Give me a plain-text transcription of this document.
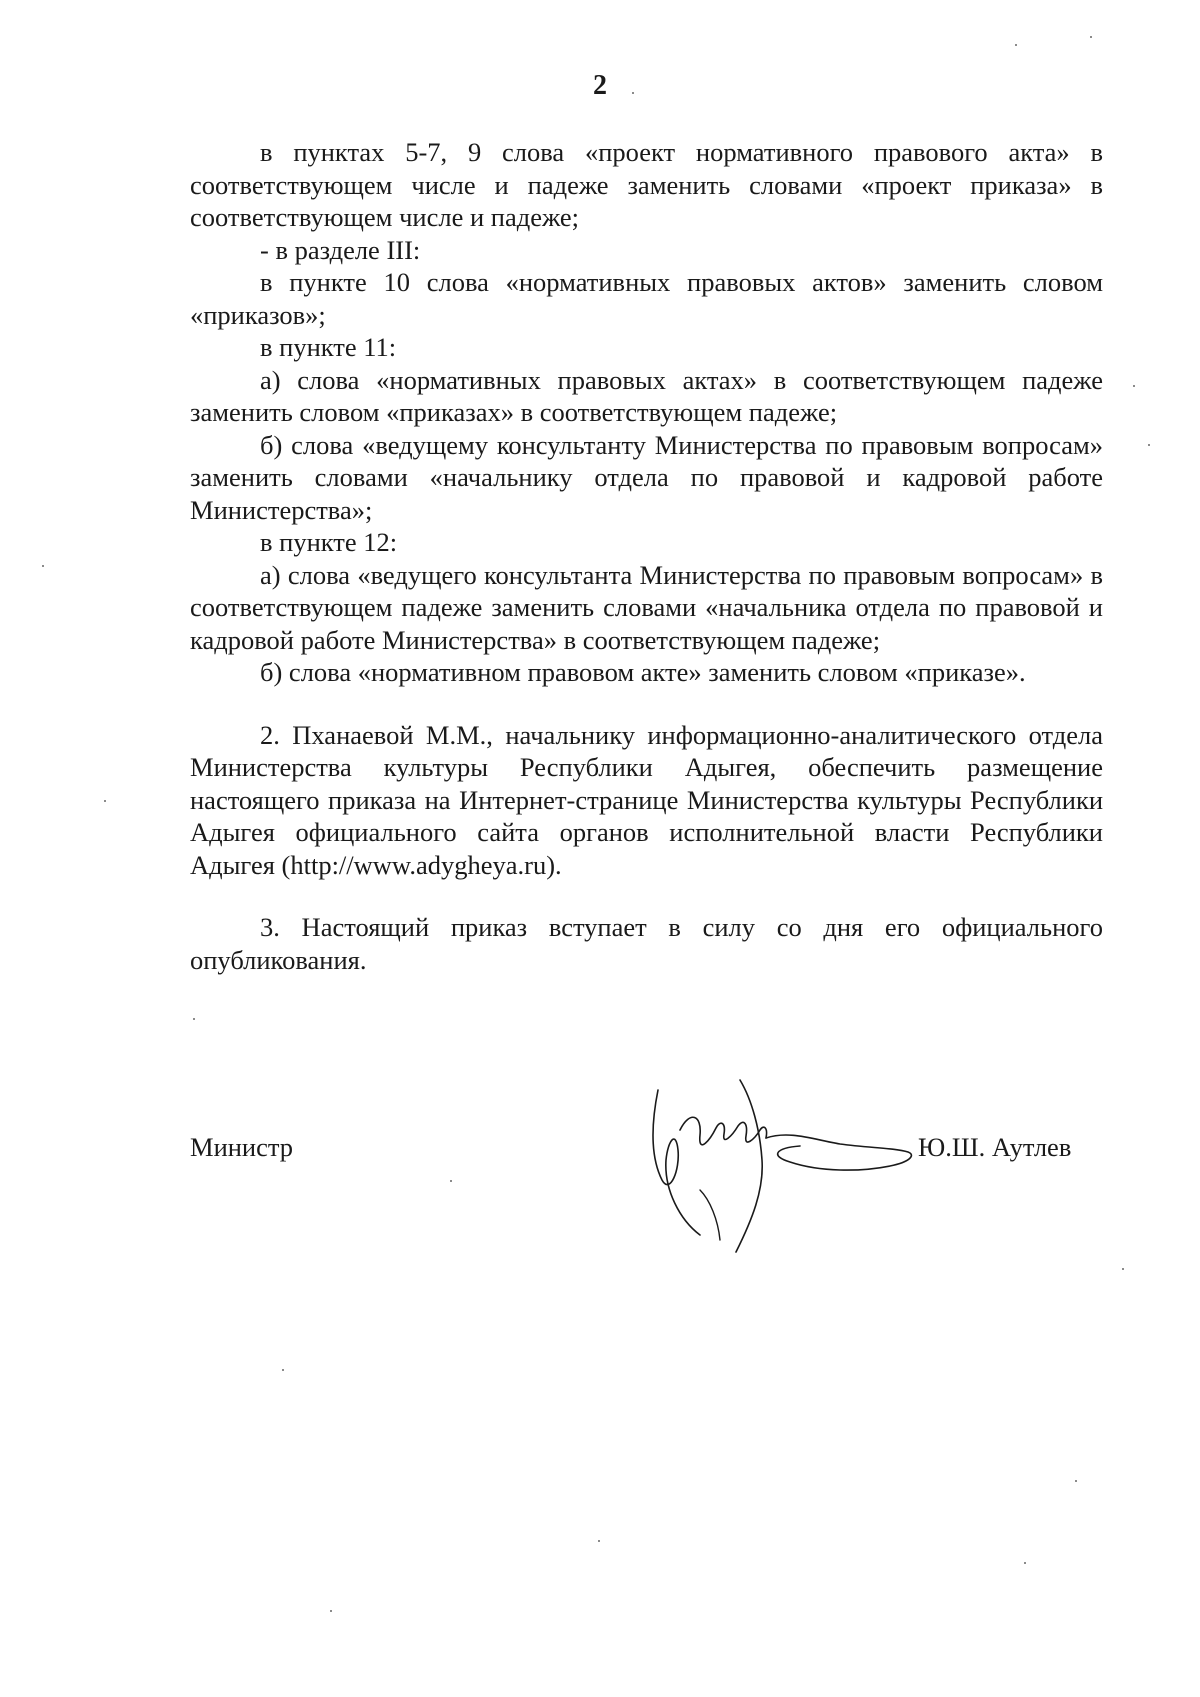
2

в пунктах 5-7, 9 слова «проект нормативного правового акта» в соответствующем числе и падеже заменить словами «проект приказа» в соответствующем числе и падеже;

- в разделе III:

в пункте 10 слова «нормативных правовых актов» заменить словом «приказов»;

в пункте 11:

а) слова «нормативных правовых актах» в соответствующем падеже заменить словом «приказах» в соответствующем падеже;

б) слова «ведущему консультанту Министерства по правовым вопросам» заменить словами «начальнику отдела по правовой и кадровой работе Министерства»;

в пункте 12:

а) слова «ведущего консультанта Министерства по правовым вопросам» в соответствующем падеже заменить словами «начальника отдела по правовой и кадровой работе Министерства» в соответствующем падеже;

б) слова «нормативном правовом акте» заменить словом «приказе».

2. Пханаевой М.М., начальнику информационно-аналитического отдела Министерства культуры Республики Адыгея, обеспечить размещение настоящего приказа на Интернет-странице Министерства культуры Республики Адыгея официального сайта органов исполнительной власти Республики Адыгея (http://www.adygheya.ru).

3. Настоящий приказ вступает в силу со дня его официального опубликования.

Министр	Ю.Ш. Аутлев
